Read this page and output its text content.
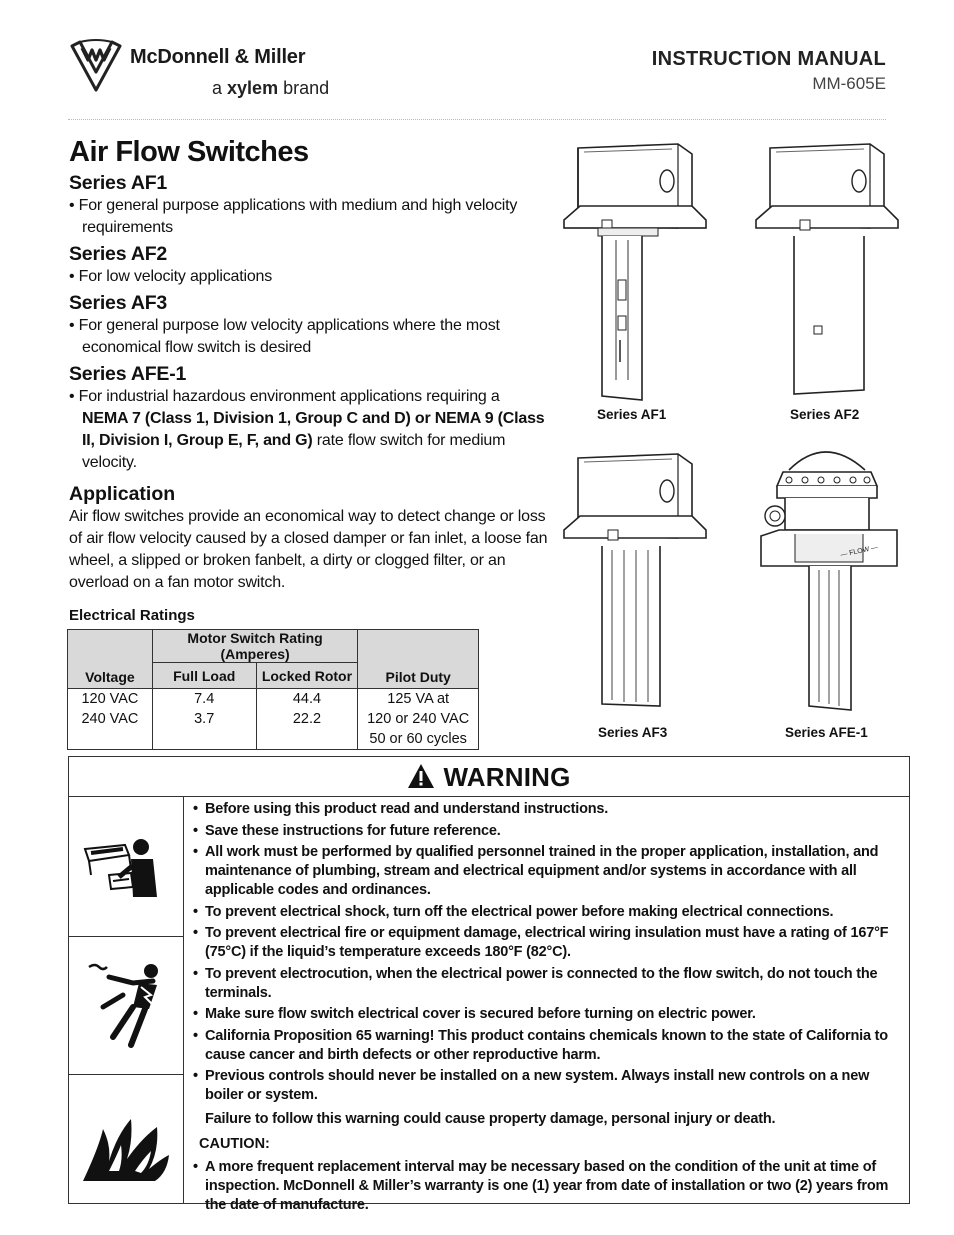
McDonnell & Miller
a xylem brand
INSTRUCTION MANUAL
MM-605E
Air Flow Switches
Series AF1
• For general purpose applications with medium and high velocity requirements
Series AF2
• For low velocity applications
Series AF3
• For general purpose low velocity applications where the most economical flow switch is desired
Series AFE-1
• For industrial hazardous environment applications requiring a NEMA 7 (Class 1, Division 1, Group C and D) or NEMA 9 (Class II, Division I, Group E, F, and G) rate flow switch for medium velocity.
Application
Air flow switches provide an economical way to detect change or loss of air flow velocity caused by a closed damper or fan inlet, a loose fan wheel, a slipped or broken fanbelt, a dirty or clogged filter, or an overload on a fan motor switch.
Electrical Ratings
Voltage	Motor Switch Rating (Amperes)		Pilot Duty
	Full Load	Locked Rotor	
120 VAC	7.4	44.4	125 VA at
240 VAC	3.7	22.2	120 or 240 VAC
			50 or 60 cycles
Series AF1	Series AF2
Series AF3
— FLOW —
Series AFE-1
WARNING
• Before using this product read and understand instructions.
• Save these instructions for future reference.
• All work must be performed by qualified personnel trained in the proper application, installation, and maintenance of plumbing, stream and electrical equipment and/or systems in accordance with all applicable codes and ordinances.
• To prevent electrical shock, turn off the electrical power before making electrical connections.
• To prevent electrical fire or equipment damage, electrical wiring insulation must have a rating of 167°F (75°C) if the liquid’s temperature exceeds 180°F (82°C).
• To prevent electrocution, when the electrical power is connected to the flow switch, do not touch the terminals.
• Make sure flow switch electrical cover is secured before turning on electric power.
• California Proposition 65 warning! This product contains chemicals known to the state of California to cause cancer and birth defects or other reproductive harm.
• Previous controls should never be installed on a new system. Always install new controls on a new boiler or system.
Failure to follow this warning could cause property damage, personal injury or death.
CAUTION:
• A more frequent replacement interval may be necessary based on the condition of the unit at time of inspection. McDonnell & Miller’s warranty is one (1) year from date of installation or two (2) years from the date of manufacture.
